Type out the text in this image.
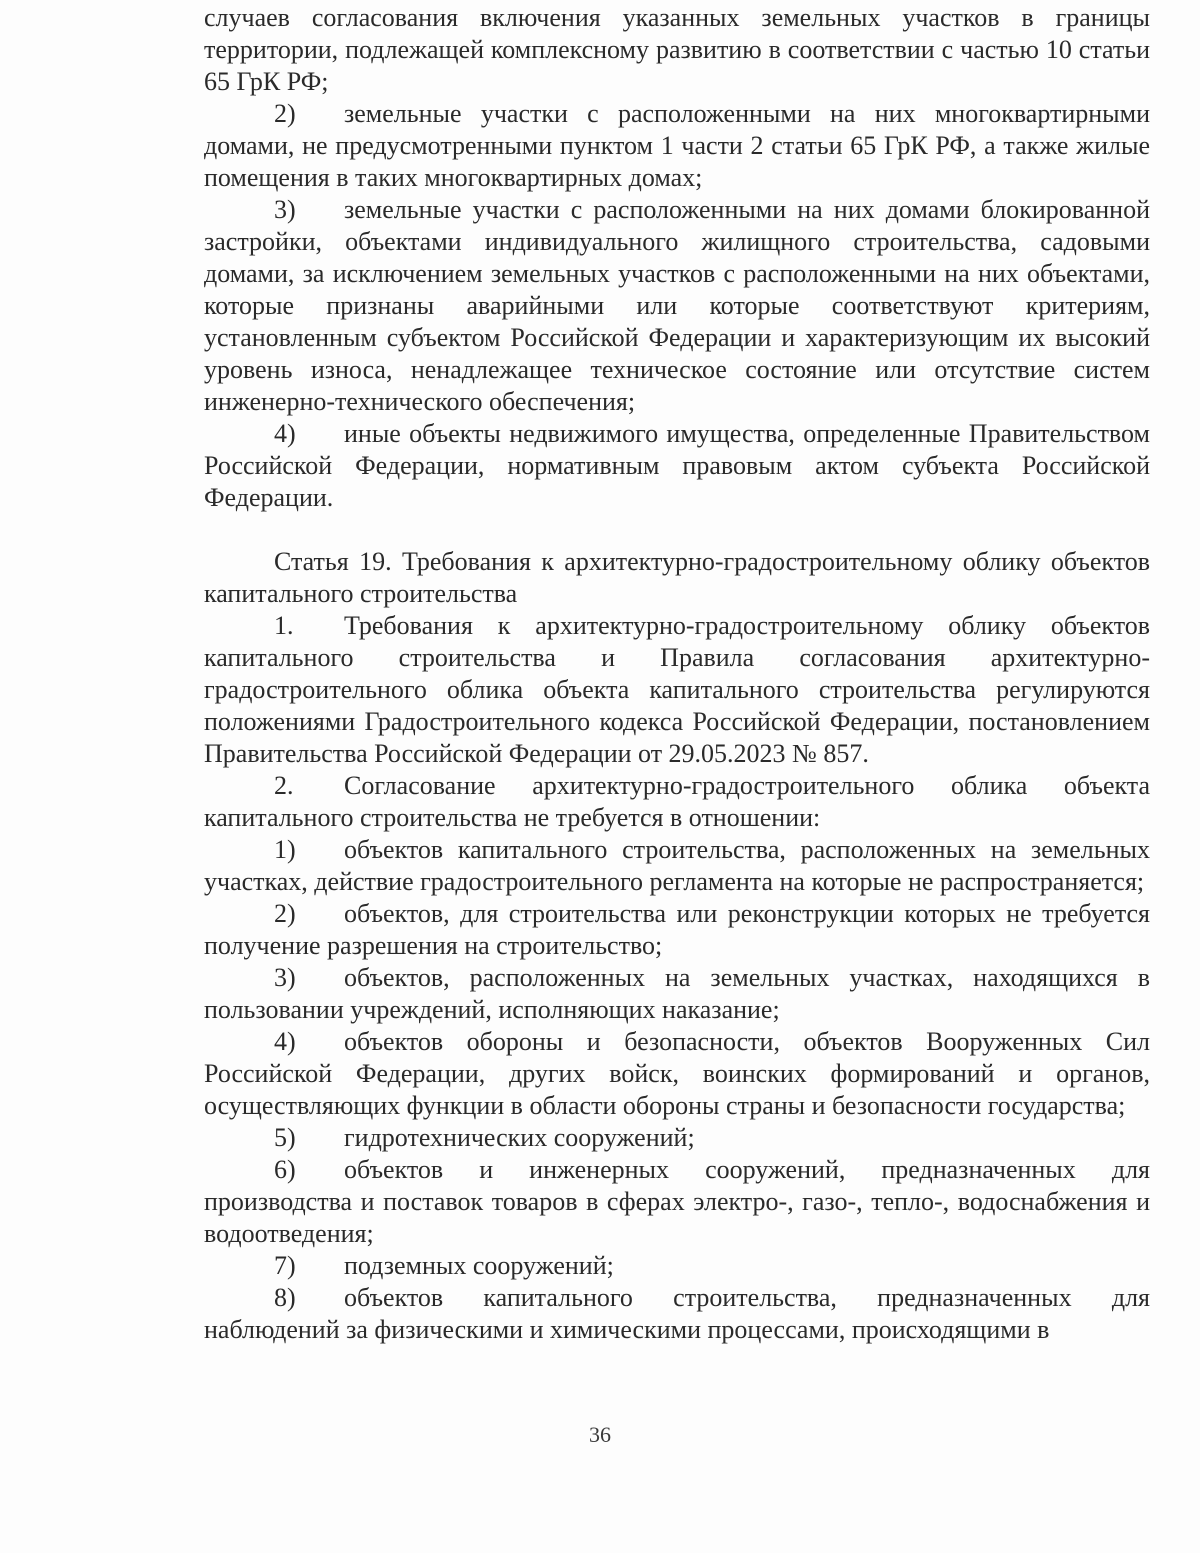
случаев согласования включения указанных земельных участков в границы территории, подлежащей комплексному развитию в соответствии с частью 10 статьи 65 ГрК РФ;

2) земельные участки с расположенными на них многоквартирными домами, не предусмотренными пунктом 1 части 2 статьи 65 ГрК РФ, а также жилые помещения в таких многоквартирных домах;

3) земельные участки с расположенными на них домами блокированной застройки, объектами индивидуального жилищного строительства, садовыми домами, за исключением земельных участков с расположенными на них объектами, которые признаны аварийными или которые соответствуют критериям, установленным субъектом Российской Федерации и характеризующим их высокий уровень износа, ненадлежащее техническое состояние или отсутствие систем инженерно-технического обеспечения;

4) иные объекты недвижимого имущества, определенные Правительством Российской Федерации, нормативным правовым актом субъекта Российской Федерации.

Статья 19. Требования к архитектурно-градостроительному облику объектов капитального строительства

1. Требования к архитектурно-градостроительному облику объектов капитального строительства и Правила согласования архитектурно-градостроительного облика объекта капитального строительства регулируются положениями Градостроительного кодекса Российской Федерации, постановлением Правительства Российской Федерации от 29.05.2023 № 857.

2. Согласование архитектурно-градостроительного облика объекта капитального строительства не требуется в отношении:

1) объектов капитального строительства, расположенных на земельных участках, действие градостроительного регламента на которые не распространяется;

2) объектов, для строительства или реконструкции которых не требуется получение разрешения на строительство;

3) объектов, расположенных на земельных участках, находящихся в пользовании учреждений, исполняющих наказание;

4) объектов обороны и безопасности, объектов Вооруженных Сил Российской Федерации, других войск, воинских формирований и органов, осуществляющих функции в области обороны страны и безопасности государства;

5) гидротехнических сооружений;

6) объектов и инженерных сооружений, предназначенных для производства и поставок товаров в сферах электро-, газо-, тепло-, водоснабжения и водоотведения;

7) подземных сооружений;

8) объектов капитального строительства, предназначенных для наблюдений за физическими и химическими процессами, происходящими в

36
